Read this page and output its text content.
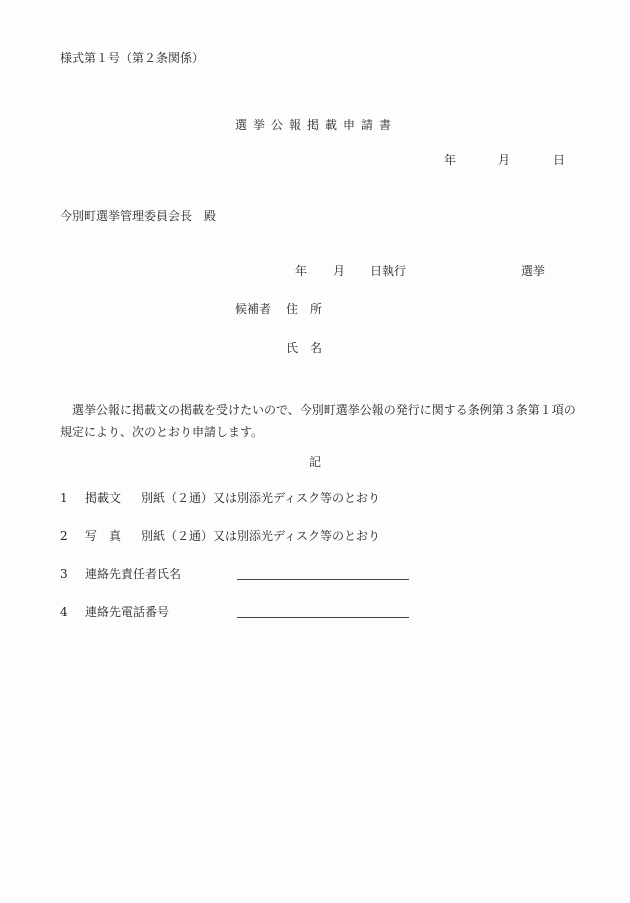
様式第１号（第２条関係）
選挙公報掲載申請書
年	月	日
今別町選挙管理委員会長　殿
年 月 日執行	選挙
候補者 住　所
氏　名

選挙公報に掲載文の掲載を受けたいので、今別町選挙公報の発行に関する条例第３条第１項の規定により、次のとおり申請します。

記
1 掲載文 別紙（２通）又は別添光ディスク等のとおり
2 写　真 別紙（２通）又は別添光ディスク等のとおり
3 連絡先責任者氏名
4 連絡先電話番号
